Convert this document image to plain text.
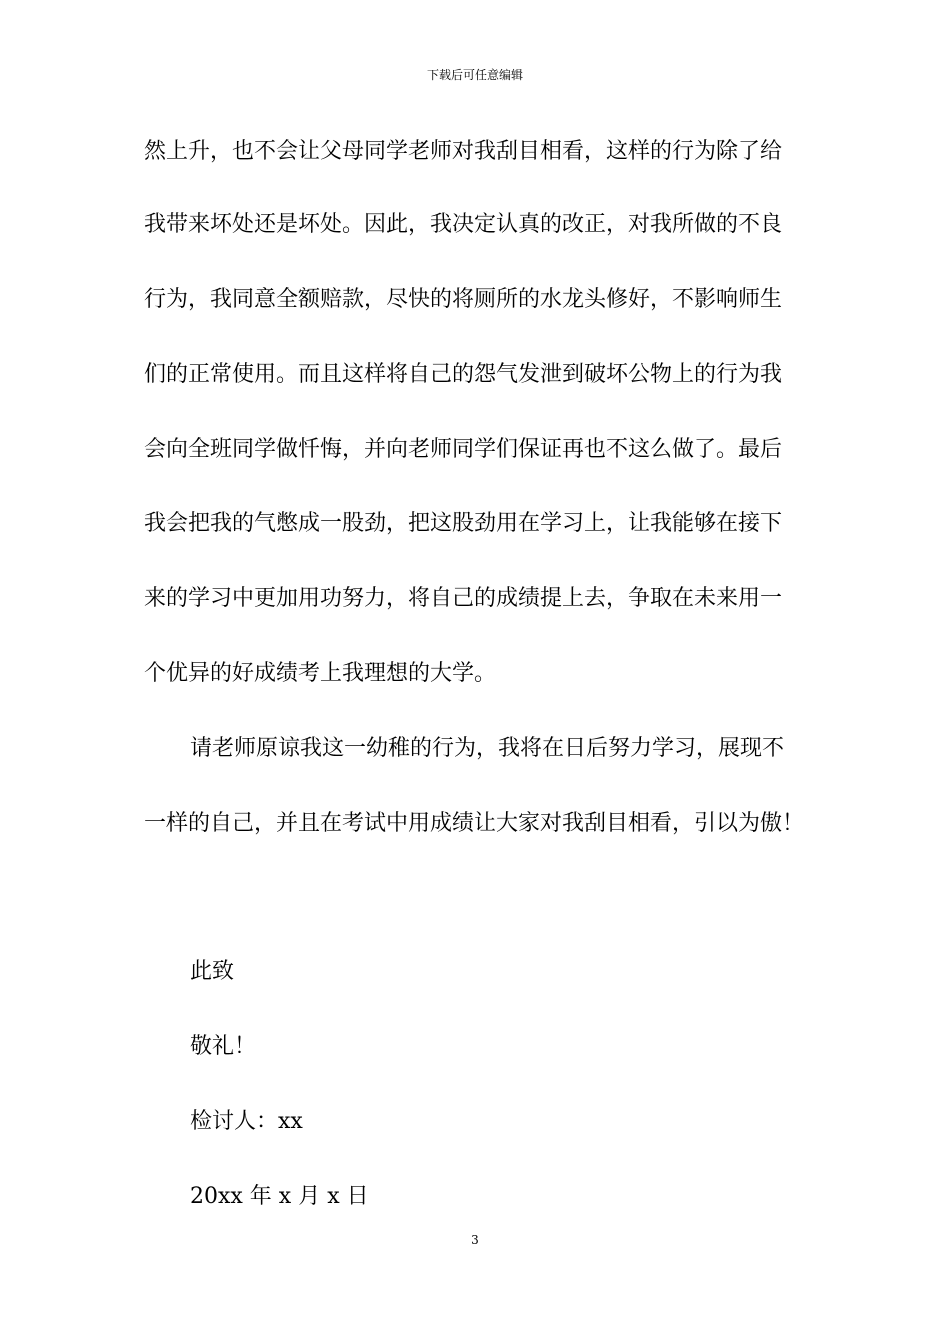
下载后可任意编辑
然上升，也不会让父母同学老师对我刮目相看，这样的行为除了给
我带来坏处还是坏处。因此，我决定认真的改正，对我所做的不良
行为，我同意全额赔款，尽快的将厕所的水龙头修好，不影响师生
们的正常使用。而且这样将自己的怨气发泄到破坏公物上的行为我
会向全班同学做忏悔，并向老师同学们保证再也不这么做了。最后
我会把我的气憋成一股劲，把这股劲用在学习上，让我能够在接下
来的学习中更加用功努力，将自己的成绩提上去，争取在未来用一
个优异的好成绩考上我理想的大学。
请老师原谅我这一幼稚的行为，我将在日后努力学习，展现不
一样的自己，并且在考试中用成绩让大家对我刮目相看，引以为傲！
此致
敬礼！
检讨人：xx
20xx 年 x 月 x 日
3
